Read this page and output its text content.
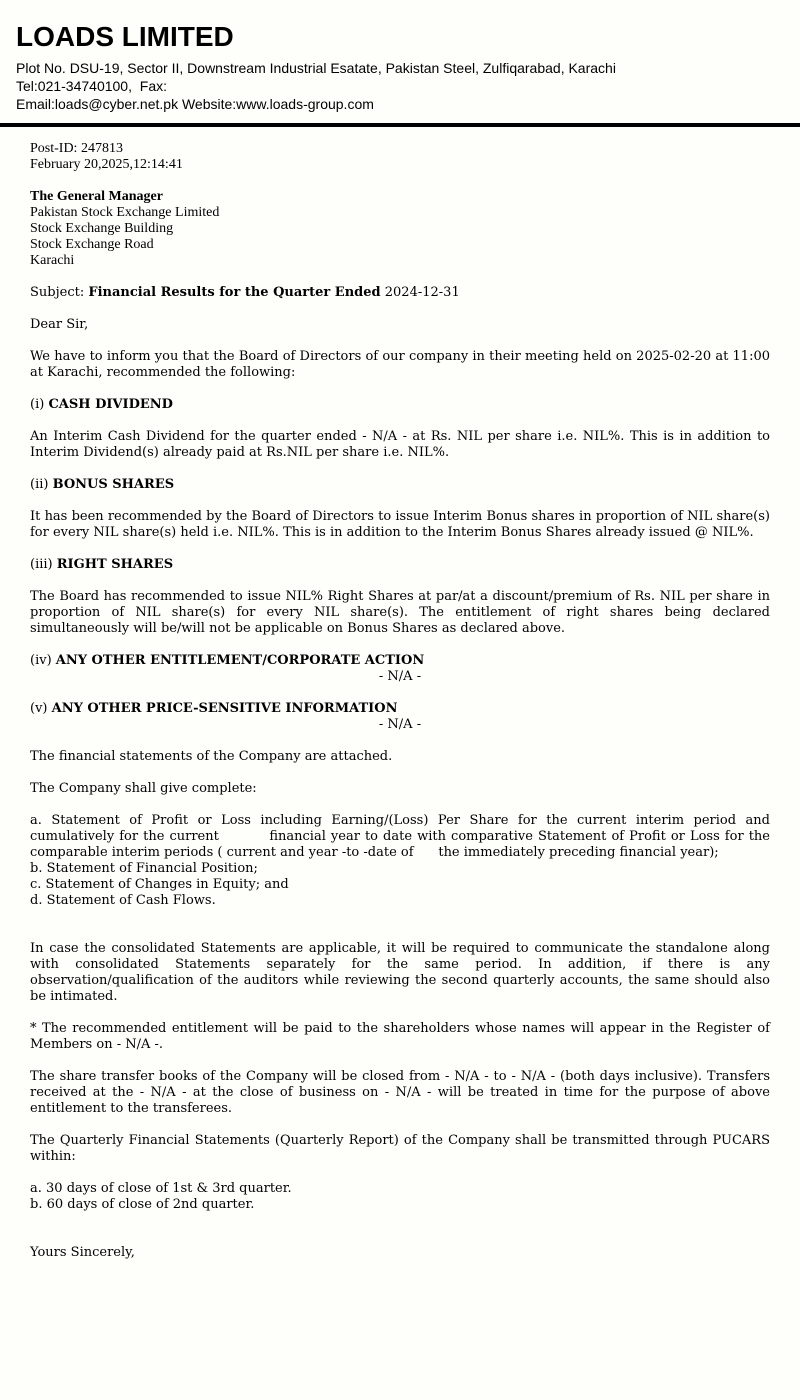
LOADS LIMITED
Plot No. DSU-19, Sector II, Downstream Industrial Esatate, Pakistan Steel, Zulfiqarabad, Karachi
Tel:021-34740100,  Fax:
Email:loads@cyber.net.pk Website:www.loads-group.com
Post-ID: 247813
February 20,2025,12:14:41
The General Manager
Pakistan Stock Exchange Limited
Stock Exchange Building
Stock Exchange Road
Karachi

Subject: Financial Results for the Quarter Ended 2024-12-31

Dear Sir,

We have to inform you that the Board of Directors of our company in their meeting held on 2025-02-20 at 11:00 at Karachi, recommended the following:

(i) CASH DIVIDEND

An Interim Cash Dividend for the quarter ended - N/A - at Rs. NIL per share i.e. NIL%. This is in addition to Interim Dividend(s) already paid at Rs.NIL per share i.e. NIL%.

(ii) BONUS SHARES

It has been recommended by the Board of Directors to issue Interim Bonus shares in proportion of NIL share(s) for every NIL share(s) held i.e. NIL%. This is in addition to the Interim Bonus Shares already issued @ NIL%.

(iii) RIGHT SHARES

The Board has recommended to issue NIL% Right Shares at par/at a discount/premium of Rs. NIL per share in proportion of NIL share(s) for every NIL share(s). The entitlement of right shares being declared simultaneously will be/will not be applicable on Bonus Shares as declared above.

(iv) ANY OTHER ENTITLEMENT/CORPORATE ACTION

- N/A -

(v) ANY OTHER PRICE-SENSITIVE INFORMATION

- N/A -

The financial statements of the Company are attached.

The Company shall give complete:

a. Statement of Profit or Loss including Earning/(Loss) Per Share for the current interim period and cumulatively for the current          financial year to date with comparative Statement of Profit or Loss for the comparable interim periods ( current and year -to -date of      the immediately preceding financial year);
b. Statement of Financial Position;
c. Statement of Changes in Equity; and
d. Statement of Cash Flows.

In case the consolidated Statements are applicable, it will be required to communicate the standalone along with consolidated Statements separately for the same period. In addition, if there is any observation/qualification of the auditors while reviewing the second quarterly accounts, the same should also be intimated.

* The recommended entitlement will be paid to the shareholders whose names will appear in the Register of Members on - N/A -.

The share transfer books of the Company will be closed from - N/A - to - N/A - (both days inclusive). Transfers received at the - N/A - at the close of business on - N/A - will be treated in time for the purpose of above entitlement to the transferees.

The Quarterly Financial Statements (Quarterly Report) of the Company shall be transmitted through PUCARS within:

a. 30 days of close of 1st & 3rd quarter.
b. 60 days of close of 2nd quarter.

Yours Sincerely,
